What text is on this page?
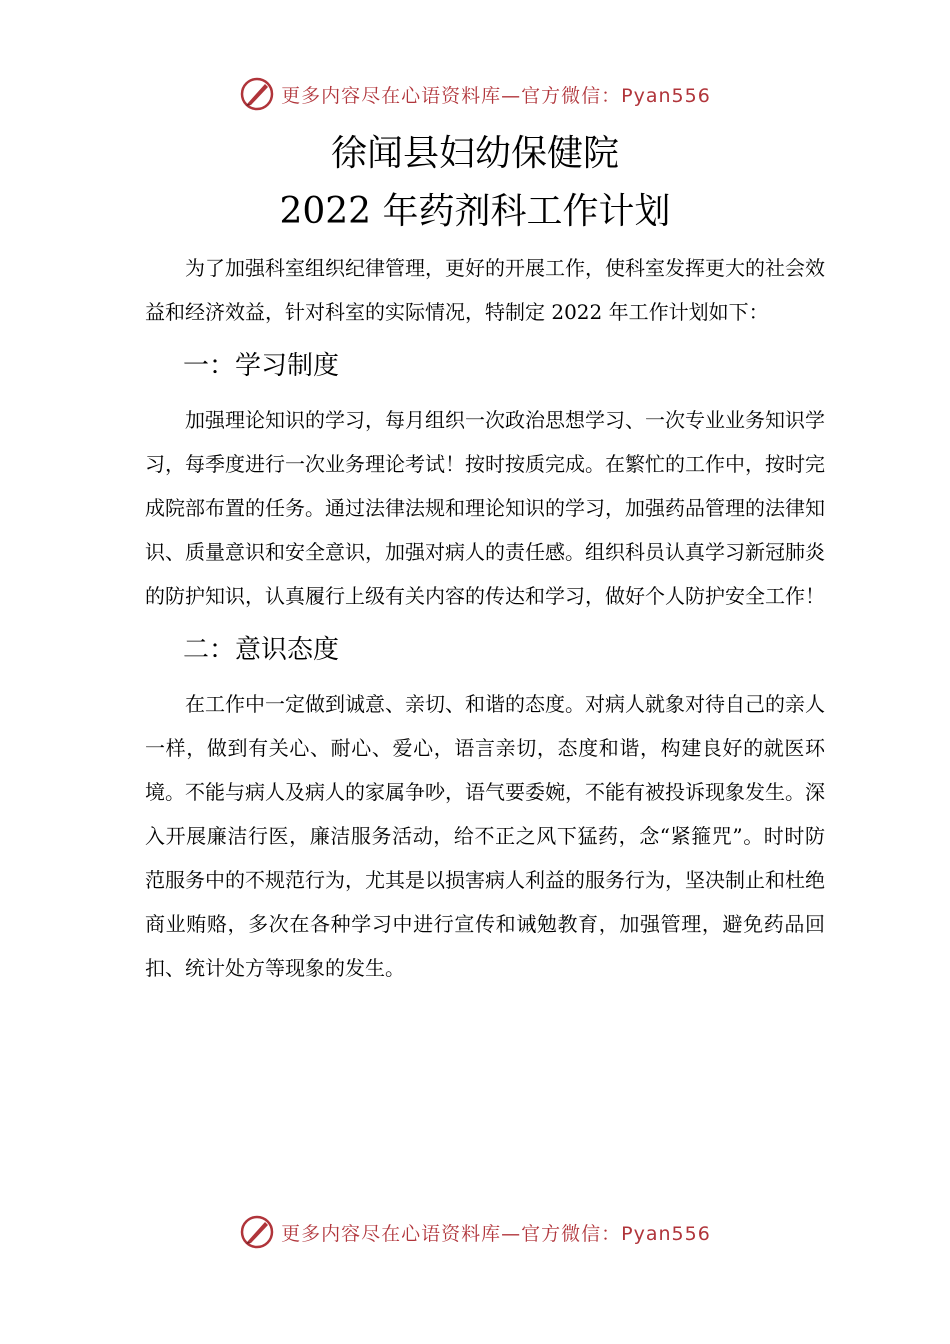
更多内容尽在心语资料库—官方微信：Pyan556
徐闻县妇幼保健院
2022 年药剂科工作计划

为了加强科室组织纪律管理，更好的开展工作，使科室发挥更大的社会效益和经济效益，针对科室的实际情况，特制定 2022 年工作计划如下：

一：学习制度

加强理论知识的学习，每月组织一次政治思想学习、一次专业业务知识学习，每季度进行一次业务理论考试！按时按质完成。在繁忙的工作中，按时完成院部布置的任务。通过法律法规和理论知识的学习，加强药品管理的法律知识、质量意识和安全意识，加强对病人的责任感。组织科员认真学习新冠肺炎的防护知识，认真履行上级有关内容的传达和学习，做好个人防护安全工作！

二：意识态度

在工作中一定做到诚意、亲切、和谐的态度。对病人就象对待自己的亲人一样，做到有关心、耐心、爱心，语言亲切，态度和谐，构建良好的就医环境。不能与病人及病人的家属争吵，语气要委婉，不能有被投诉现象发生。深入开展廉洁行医，廉洁服务活动，给不正之风下猛药，念“紧箍咒”。时时防范服务中的不规范行为，尤其是以损害病人利益的服务行为，坚决制止和杜绝商业贿赂，多次在各种学习中进行宣传和诫勉教育，加强管理，避免药品回扣、统计处方等现象的发生。

更多内容尽在心语资料库—官方微信：Pyan556
